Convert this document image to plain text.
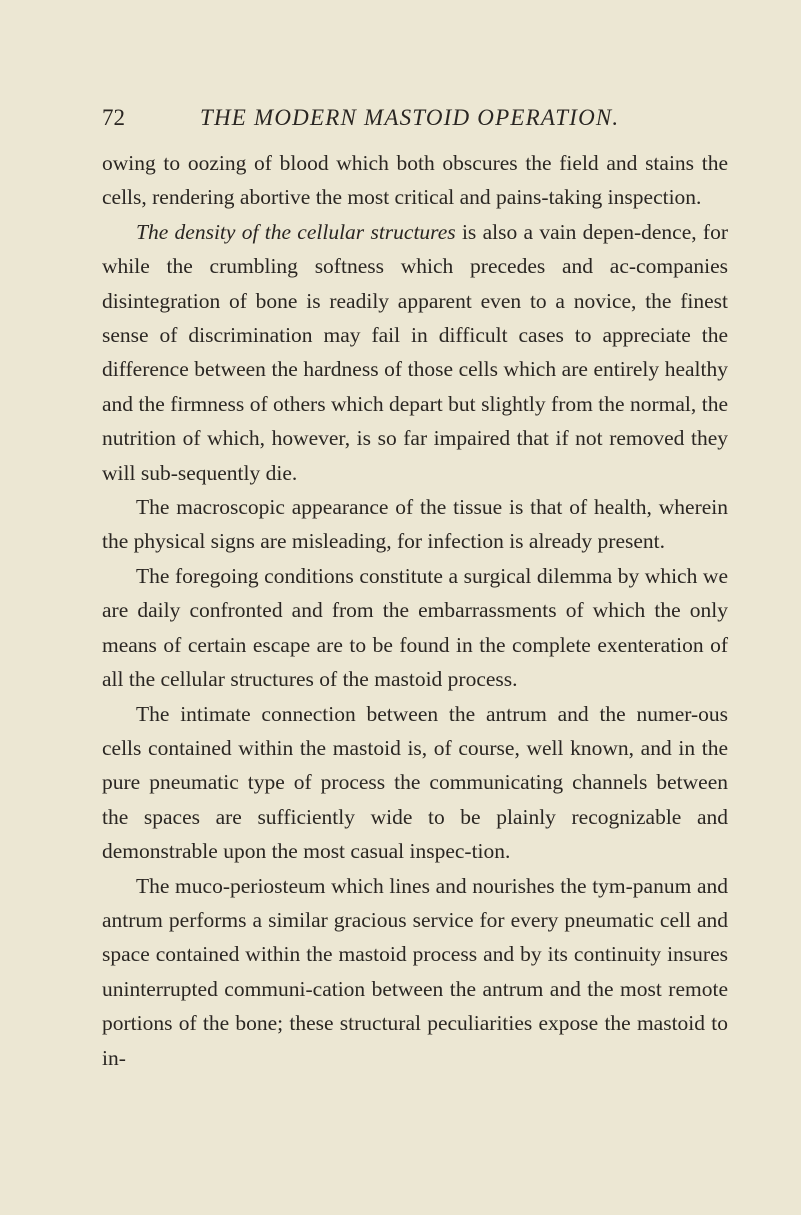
72	THE MODERN MASTOID OPERATION.

owing to oozing of blood which both obscures the field and stains the cells, rendering abortive the most critical and pains-taking inspection.

The density of the cellular structures is also a vain depen-dence, for while the crumbling softness which precedes and ac-companies disintegration of bone is readily apparent even to a novice, the finest sense of discrimination may fail in difficult cases to appreciate the difference between the hardness of those cells which are entirely healthy and the firmness of others which depart but slightly from the normal, the nutrition of which, however, is so far impaired that if not removed they will sub-sequently die.

The macroscopic appearance of the tissue is that of health, wherein the physical signs are misleading, for infection is already present.

The foregoing conditions constitute a surgical dilemma by which we are daily confronted and from the embarrassments of which the only means of certain escape are to be found in the complete exenteration of all the cellular structures of the mastoid process.

The intimate connection between the antrum and the numer-ous cells contained within the mastoid is, of course, well known, and in the pure pneumatic type of process the communicating channels between the spaces are sufficiently wide to be plainly recognizable and demonstrable upon the most casual inspec-tion.

The muco-periosteum which lines and nourishes the tym-panum and antrum performs a similar gracious service for every pneumatic cell and space contained within the mastoid process and by its continuity insures uninterrupted communi-cation between the antrum and the most remote portions of the bone; these structural peculiarities expose the mastoid to in-
